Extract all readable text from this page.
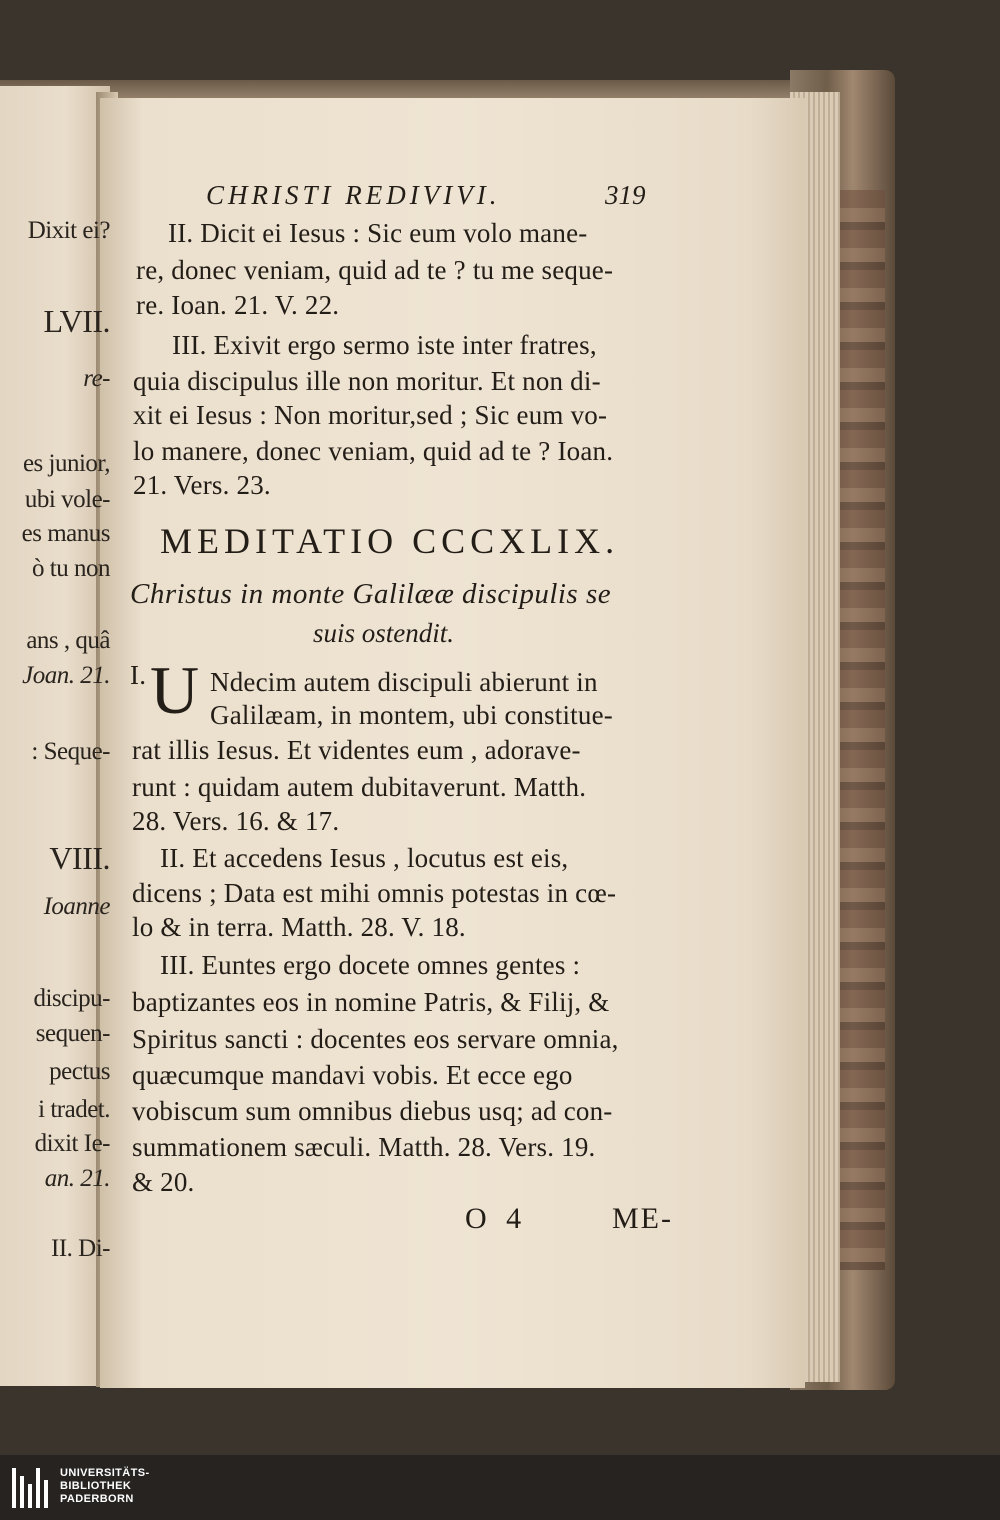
Dixit ei?
LVII.
re-
es junior,
ubi vole-
es manus
ò tu non
ans , quâ
Joan. 21.
: Seque-
VIII.
Ioanne
discipu-
sequen-
pectus
i tradet.
dixit Ie-
an. 21.
II. Di-
CHRISTI REDIVIVI.	319
II. Dicit ei Iesus : Sic eum volo mane-
re, donec veniam, quid ad te ? tu me seque-
re. Ioan. 21. V. 22.
III. Exivit ergo sermo iste inter fratres,
quia discipulus ille non moritur. Et non di-
xit ei Iesus : Non moritur,sed ; Sic eum vo-
lo manere, donec veniam, quid ad te ? Ioan.
21. Vers. 23.
MEDITATIO CCCXLIX.
Christus in monte Galilææ discipulis se
suis ostendit.
I. U Ndecim autem discipuli abierunt in
Galilæam, in montem, ubi constitue-
rat illis Iesus. Et videntes eum , adorave-
runt : quidam autem dubitaverunt. Matth.
28. Vers. 16. & 17.
II. Et accedens Iesus , locutus est eis,
dicens ; Data est mihi omnis potestas in cœ-
lo & in terra. Matth. 28. V. 18.
III. Euntes ergo docete omnes gentes :
baptizantes eos in nomine Patris, & Filij, &
Spiritus sancti : docentes eos servare omnia,
quæcumque mandavi vobis. Et ecce ego
vobiscum sum omnibus diebus usq; ad con-
summationem sæculi. Matth. 28. Vers. 19.
& 20.
O 4	ME-
UNIVERSITÄTS-
BIBLIOTHEK
PADERBORN
